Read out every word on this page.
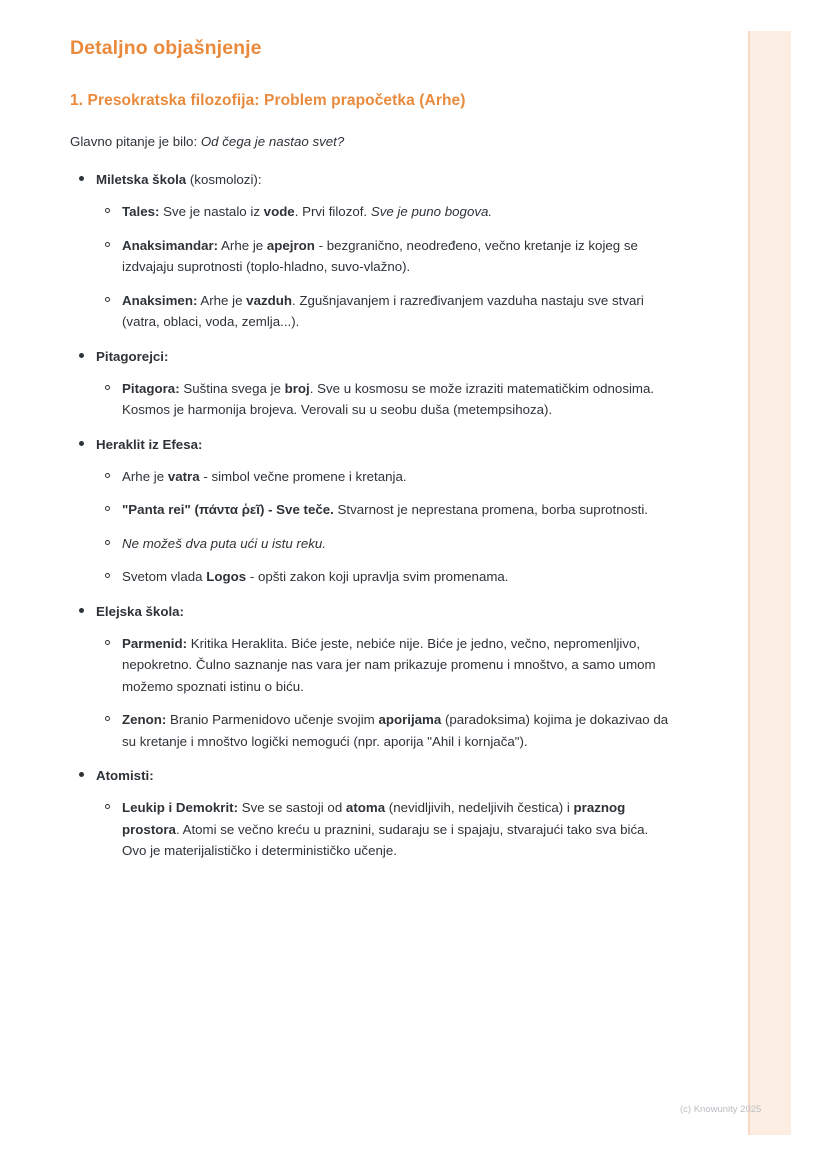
Detaljno objašnjenje
1. Presokratska filozofija: Problem prapočetka (Arhe)

Glavno pitanje je bilo: Od čega je nastao svet?

Miletska škola (kosmolozi):
Tales: Sve je nastalo iz vode. Prvi filozof. Sve je puno bogova.
Anaksimandar: Arhe je apejron - bezgranično, neodređeno, večno kretanje iz kojeg se izdvajaju suprotnosti (toplo-hladno, suvo-vlažno).
Anaksimen: Arhe je vazduh. Zgušnjavanjem i razređivanjem vazduha nastaju sve stvari (vatra, oblaci, voda, zemlja...).
Pitagorejci:
Pitagora: Suština svega je broj. Sve u kosmosu se može izraziti matematičkim odnosima. Kosmos je harmonija brojeva. Verovali su u seobu duša (metempsihoza).
Heraklit iz Efesa:
Arhe je vatra - simbol večne promene i kretanja.
"Panta rei" (πάντα ῥεῖ) - Sve teče. Stvarnost je neprestana promena, borba suprotnosti.
Ne možeš dva puta ući u istu reku.
Svetom vlada Logos - opšti zakon koji upravlja svim promenama.
Elejska škola:
Parmenid: Kritika Heraklita. Biće jeste, nebiće nije. Biće je jedno, večno, nepromenljivo, nepokretno. Čulno saznanje nas vara jer nam prikazuje promenu i mnoštvo, a samo umom možemo spoznati istinu o biću.
Zenon: Branio Parmenidovo učenje svojim aporijama (paradoksima) kojima je dokazivao da su kretanje i mnoštvo logički nemogući (npr. aporija "Ahil i kornjača").
Atomisti:
Leukip i Demokrit: Sve se sastoji od atoma (nevidljivih, nedeljivih čestica) i praznog prostora. Atomi se večno kreću u praznini, sudaraju se i spajaju, stvarajući tako sva bića. Ovo je materijalističko i determinističko učenje.
(c) Knowunity 2025
